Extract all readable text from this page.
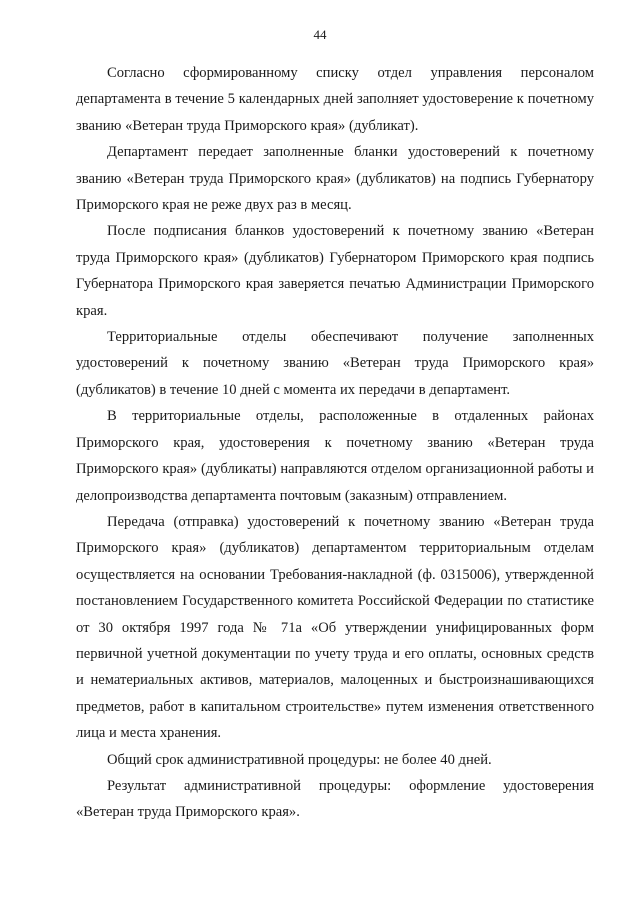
44

Согласно сформированному списку отдел управления персоналом департамента в течение 5 календарных дней заполняет удостоверение к почетному званию «Ветеран труда Приморского края» (дубликат).

Департамент передает заполненные бланки удостоверений к почетному званию «Ветеран труда Приморского края» (дубликатов) на подпись Губернатору Приморского края не реже двух раз в месяц.

После подписания бланков удостоверений к почетному званию «Ветеран труда Приморского края» (дубликатов) Губернатором Приморского края подпись Губернатора Приморского края заверяется печатью Администрации Приморского края.

Территориальные отделы обеспечивают получение заполненных удостоверений к почетному званию «Ветеран труда Приморского края» (дубликатов) в течение 10 дней с момента их передачи в департамент.

В территориальные отделы, расположенные в отдаленных районах Приморского края, удостоверения к почетному званию «Ветеран труда Приморского края» (дубликаты) направляются отделом организационной работы и делопроизводства департамента почтовым (заказным) отправлением.

Передача (отправка) удостоверений к почетному званию «Ветеран труда Приморского края» (дубликатов) департаментом территориальным отделам осуществляется на основании Требования-накладной (ф. 0315006), утвержденной постановлением Государственного комитета Российской Федерации по статистике от 30 октября 1997 года № 71а «Об утверждении унифицированных форм первичной учетной документации по учету труда и его оплаты, основных средств и нематериальных активов, материалов, малоценных и быстроизнашивающихся предметов, работ в капитальном строительстве» путем изменения ответственного лица и места хранения.

Общий срок административной процедуры: не более 40 дней.

Результат административной процедуры: оформление удостоверения «Ветеран труда Приморского края».
